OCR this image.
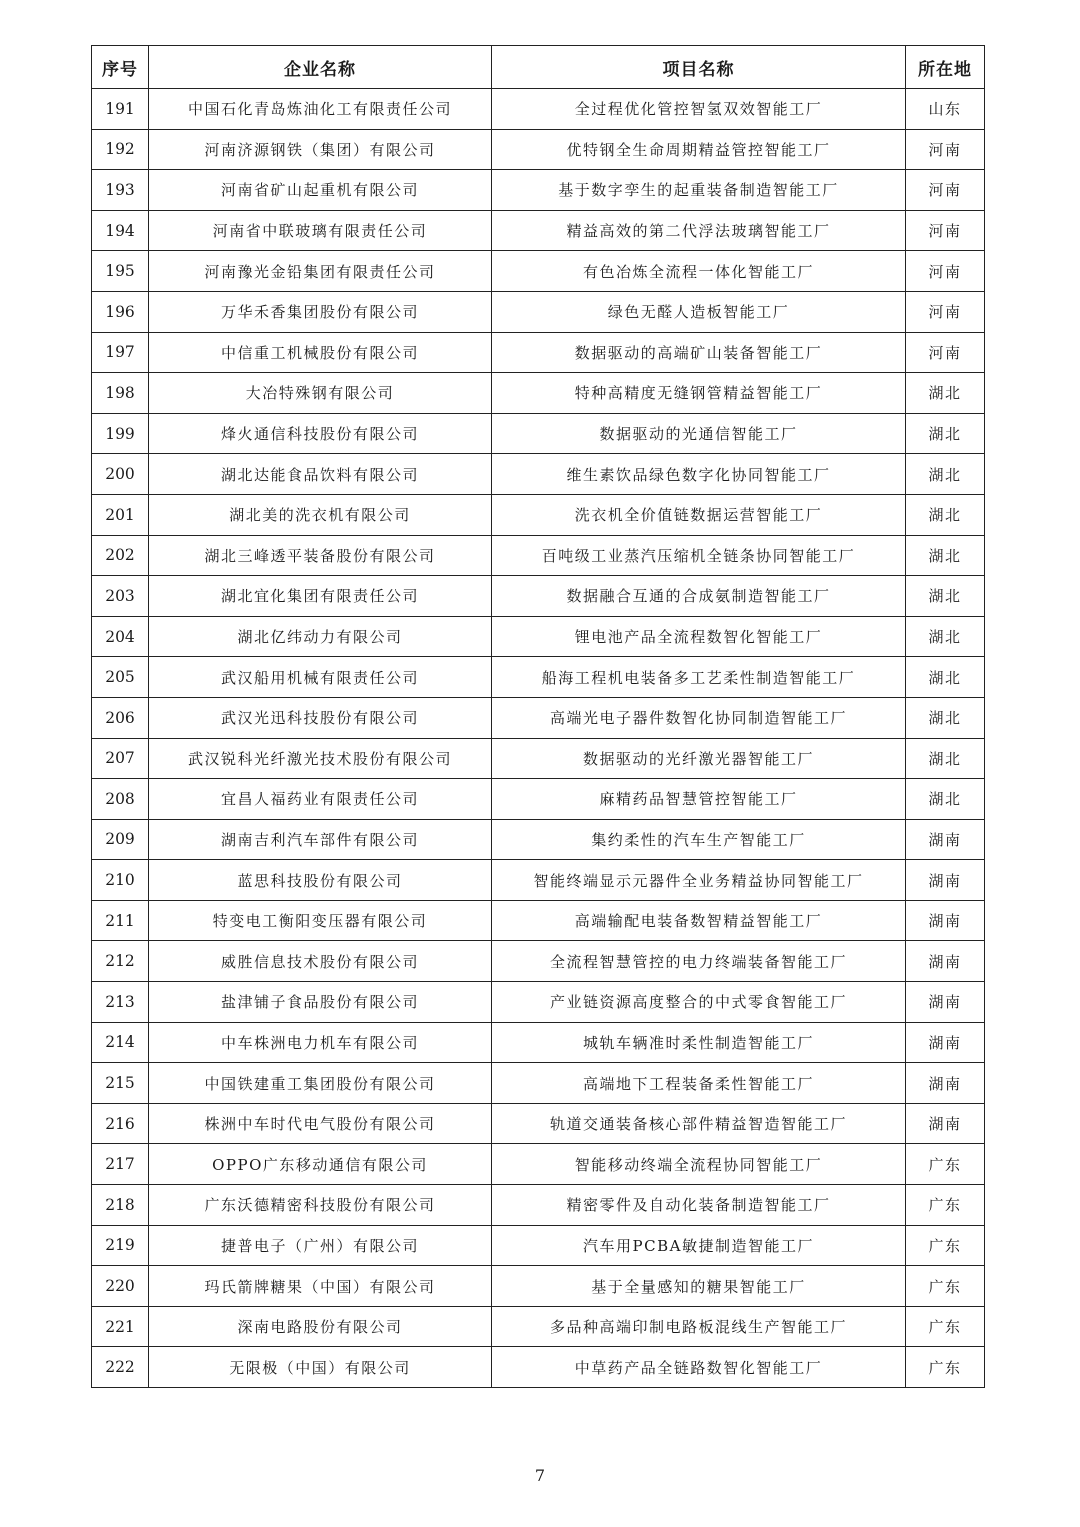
序号	企业名称	项目名称	所在地
191	中国石化青岛炼油化工有限责任公司	全过程优化管控智氢双效智能工厂	山东
192	河南济源钢铁（集团）有限公司	优特钢全生命周期精益管控智能工厂	河南
193	河南省矿山起重机有限公司	基于数字孪生的起重装备制造智能工厂	河南
194	河南省中联玻璃有限责任公司	精益高效的第二代浮法玻璃智能工厂	河南
195	河南豫光金铅集团有限责任公司	有色冶炼全流程一体化智能工厂	河南
196	万华禾香集团股份有限公司	绿色无醛人造板智能工厂	河南
197	中信重工机械股份有限公司	数据驱动的高端矿山装备智能工厂	河南
198	大冶特殊钢有限公司	特种高精度无缝钢管精益智能工厂	湖北
199	烽火通信科技股份有限公司	数据驱动的光通信智能工厂	湖北
200	湖北达能食品饮料有限公司	维生素饮品绿色数字化协同智能工厂	湖北
201	湖北美的洗衣机有限公司	洗衣机全价值链数据运营智能工厂	湖北
202	湖北三峰透平装备股份有限公司	百吨级工业蒸汽压缩机全链条协同智能工厂	湖北
203	湖北宜化集团有限责任公司	数据融合互通的合成氨制造智能工厂	湖北
204	湖北亿纬动力有限公司	锂电池产品全流程数智化智能工厂	湖北
205	武汉船用机械有限责任公司	船海工程机电装备多工艺柔性制造智能工厂	湖北
206	武汉光迅科技股份有限公司	高端光电子器件数智化协同制造智能工厂	湖北
207	武汉锐科光纤激光技术股份有限公司	数据驱动的光纤激光器智能工厂	湖北
208	宜昌人福药业有限责任公司	麻精药品智慧管控智能工厂	湖北
209	湖南吉利汽车部件有限公司	集约柔性的汽车生产智能工厂	湖南
210	蓝思科技股份有限公司	智能终端显示元器件全业务精益协同智能工厂	湖南
211	特变电工衡阳变压器有限公司	高端输配电装备数智精益智能工厂	湖南
212	威胜信息技术股份有限公司	全流程智慧管控的电力终端装备智能工厂	湖南
213	盐津铺子食品股份有限公司	产业链资源高度整合的中式零食智能工厂	湖南
214	中车株洲电力机车有限公司	城轨车辆准时柔性制造智能工厂	湖南
215	中国铁建重工集团股份有限公司	高端地下工程装备柔性智能工厂	湖南
216	株洲中车时代电气股份有限公司	轨道交通装备核心部件精益智造智能工厂	湖南
217	OPPO广东移动通信有限公司	智能移动终端全流程协同智能工厂	广东
218	广东沃德精密科技股份有限公司	精密零件及自动化装备制造智能工厂	广东
219	捷普电子（广州）有限公司	汽车用PCBA敏捷制造智能工厂	广东
220	玛氏箭牌糖果（中国）有限公司	基于全量感知的糖果智能工厂	广东
221	深南电路股份有限公司	多品种高端印制电路板混线生产智能工厂	广东
222	无限极（中国）有限公司	中草药产品全链路数智化智能工厂	广东
7
